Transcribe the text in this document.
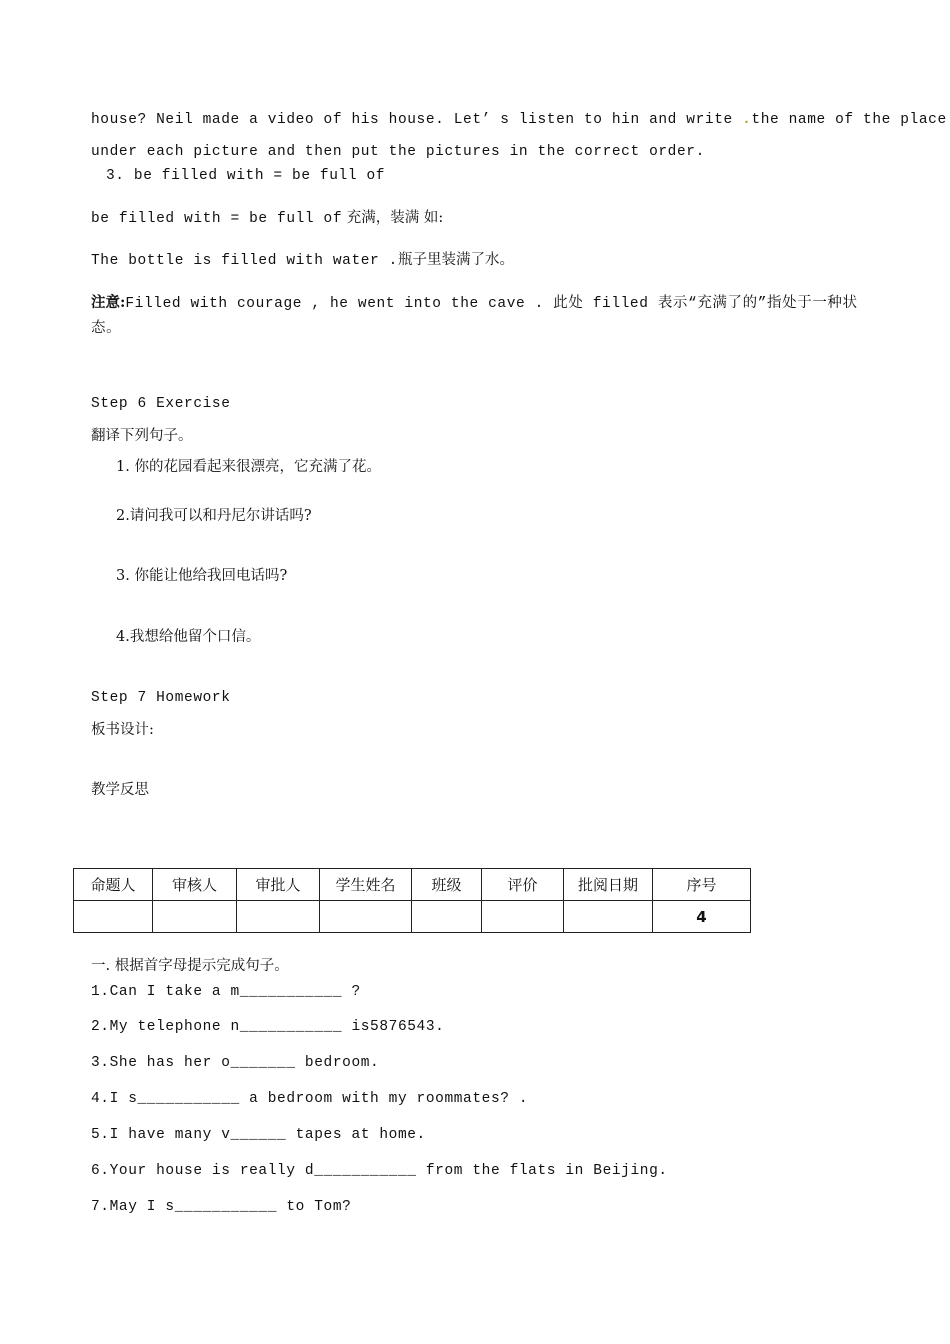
house? Neil made a video of his house. Let’ s listen to hin and write .the name of the place
under each picture and then put the pictures in the correct order.
3. be filled with = be full of
be filled with = be full of 充满，装满 如:
The bottle is filled with water .瓶子里装满了水。
注意:Filled with courage , he went into the cave . 此处 filled 表示“充满了的”指处于一种状态。
Step 6 Exercise
翻译下列句子。
1. 你的花园看起来很漂亮，它充满了花。
2.请问我可以和丹尼尔讲话吗?
3. 你能让他给我回电话吗?
4.我想给他留个口信。
Step 7 Homework
板书设计:
教学反思
命题人	审核人	审批人	学生姓名	班级	评价	批阅日期	序号
							4
一. 根据首字母提示完成句子。
1.Can I take a m___________ ?
2.My telephone n___________ is5876543.
3.She has her o_______ bedroom.
4.I s___________ a bedroom with my roommates? .
5.I have many v______ tapes at home.
6.Your house is really d___________ from the flats in Beijing.
7.May I s___________ to Tom?
